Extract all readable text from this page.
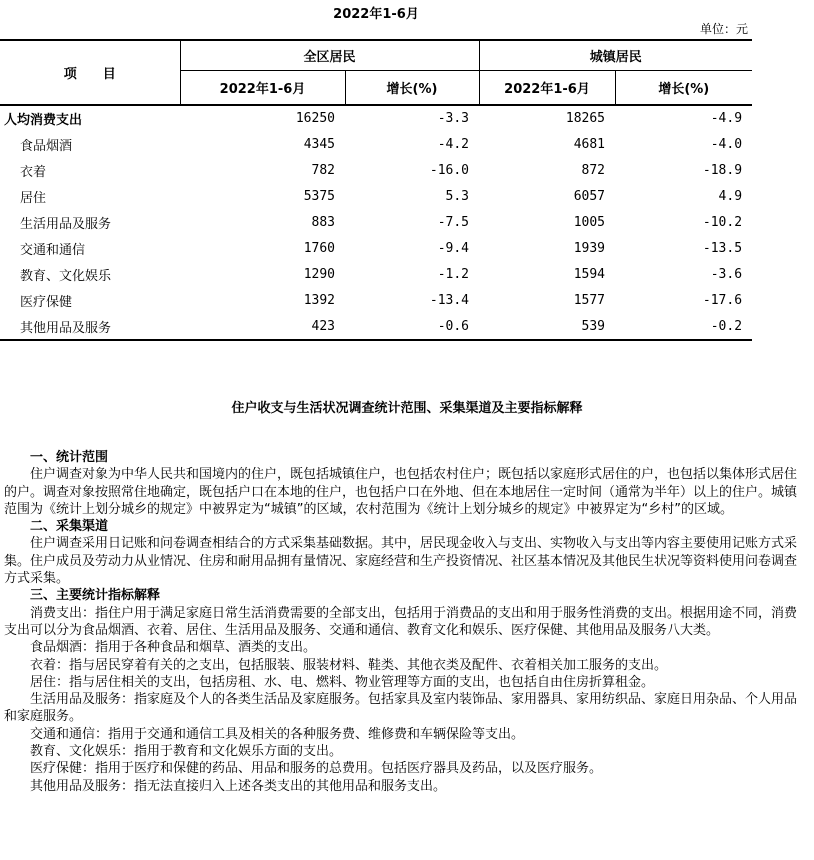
2022年1-6月
单位：元
项　　目	全区居民		城镇居民	
	2022年1-6月	增长(%)	2022年1-6月	增长(%)
人均消费支出	16250	-3.3	18265	-4.9
食品烟酒	4345	-4.2	4681	-4.0
衣着	782	-16.0	872	-18.9
居住	5375	5.3	6057	4.9
生活用品及服务	883	-7.5	1005	-10.2
交通和通信	1760	-9.4	1939	-13.5
教育、文化娱乐	1290	-1.2	1594	-3.6
医疗保健	1392	-13.4	1577	-17.6
其他用品及服务	423	-0.6	539	-0.2
住户收支与生活状况调查统计范围、采集渠道及主要指标解释
一、统计范围
住户调查对象为中华人民共和国境内的住户，既包括城镇住户，也包括农村住户；既包括以家庭形式居住的户，也包括以集体形式居住的户。调查对象按照常住地确定，既包括户口在本地的住户，也包括户口在外地、但在本地居住一定时间（通常为半年）以上的住户。城镇范围为《统计上划分城乡的规定》中被界定为“城镇”的区域，农村范围为《统计上划分城乡的规定》中被界定为“乡村”的区域。
二、采集渠道
住户调查采用日记账和问卷调查相结合的方式采集基础数据。其中，居民现金收入与支出、实物收入与支出等内容主要使用记账方式采集。住户成员及劳动力从业情况、住房和耐用品拥有量情况、家庭经营和生产投资情况、社区基本情况及其他民生状况等资料使用问卷调查方式采集。
三、主要统计指标解释
消费支出：指住户用于满足家庭日常生活消费需要的全部支出，包括用于消费品的支出和用于服务性消费的支出。根据用途不同，消费支出可以分为食品烟酒、衣着、居住、生活用品及服务、交通和通信、教育文化和娱乐、医疗保健、其他用品及服务八大类。
食品烟酒：指用于各种食品和烟草、酒类的支出。
衣着：指与居民穿着有关的之支出，包括服装、服装材料、鞋类、其他衣类及配件、衣着相关加工服务的支出。
居住：指与居住相关的支出，包括房租、水、电、燃料、物业管理等方面的支出，也包括自由住房折算租金。
生活用品及服务：指家庭及个人的各类生活品及家庭服务。包括家具及室内装饰品、家用器具、家用纺织品、家庭日用杂品、个人用品和家庭服务。
交通和通信：指用于交通和通信工具及相关的各种服务费、维修费和车辆保险等支出。
教育、文化娱乐：指用于教育和文化娱乐方面的支出。
医疗保健：指用于医疗和保健的药品、用品和服务的总费用。包括医疗器具及药品，以及医疗服务。
其他用品及服务：指无法直接归入上述各类支出的其他用品和服务支出。
